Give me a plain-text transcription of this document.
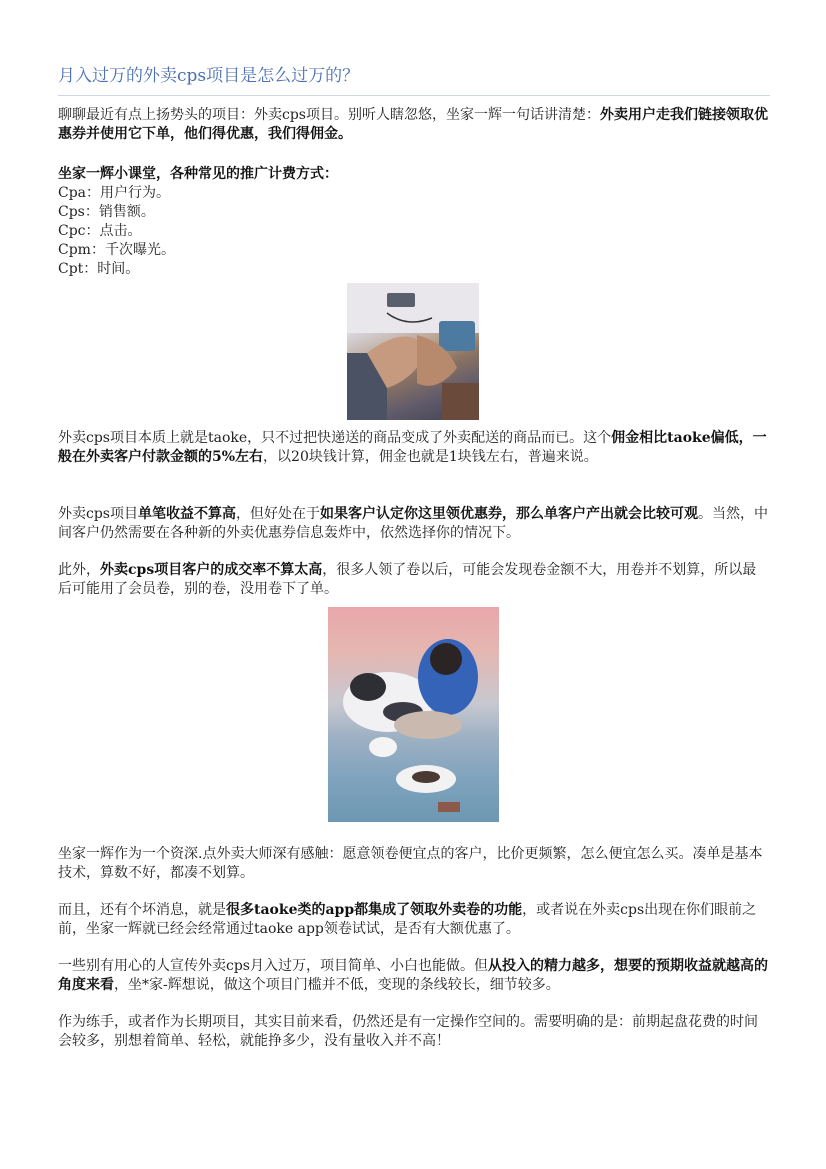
月入过万的外卖cps项目是怎么过万的？

聊聊最近有点上扬势头的项目：外卖cps项目。别听人瞎忽悠，坐家一辉一句话讲清楚：外卖用户走我们链接领取优惠券并使用它下单，他们得优惠，我们得佣金。

坐家一辉小课堂，各种常见的推广计费方式：
Cpa：用户行为。
Cps：销售额。
Cpc：点击。
Cpm：千次曝光。
Cpt：时间。

外卖cps项目本质上就是taoke，只不过把快递送的商品变成了外卖配送的商品而已。这个佣金相比taoke偏低，一般在外卖客户付款金额的5%左右，以20块钱计算，佣金也就是1块钱左右，普遍来说。

外卖cps项目单笔收益不算高，但好处在于如果客户认定你这里领优惠券，那么单客户产出就会比较可观。当然，中间客户仍然需要在各种新的外卖优惠券信息轰炸中，依然选择你的情况下。

此外，外卖cps项目客户的成交率不算太高，很多人领了卷以后，可能会发现卷金额不大，用卷并不划算，所以最后可能用了会员卷，别的卷，没用卷下了单。

坐家一辉作为一个资深.点外卖大师深有感触：愿意领卷便宜点的客户，比价更频繁，怎么便宜怎么买。凑单是基本技术，算数不好，都凑不划算。

而且，还有个坏消息，就是很多taoke类的app都集成了领取外卖卷的功能，或者说在外卖cps出现在你们眼前之前，坐家一辉就已经会经常通过taoke app领卷试试，是否有大额优惠了。

一些别有用心的人宣传外卖cps月入过万，项目简单、小白也能做。但从投入的精力越多，想要的预期收益就越高的角度来看，坐*家-辉想说，做这个项目门槛并不低，变现的条线较长，细节较多。

作为练手，或者作为长期项目，其实目前来看，仍然还是有一定操作空间的。需要明确的是：前期起盘花费的时间会较多，别想着简单、轻松，就能挣多少，没有量收入并不高！
